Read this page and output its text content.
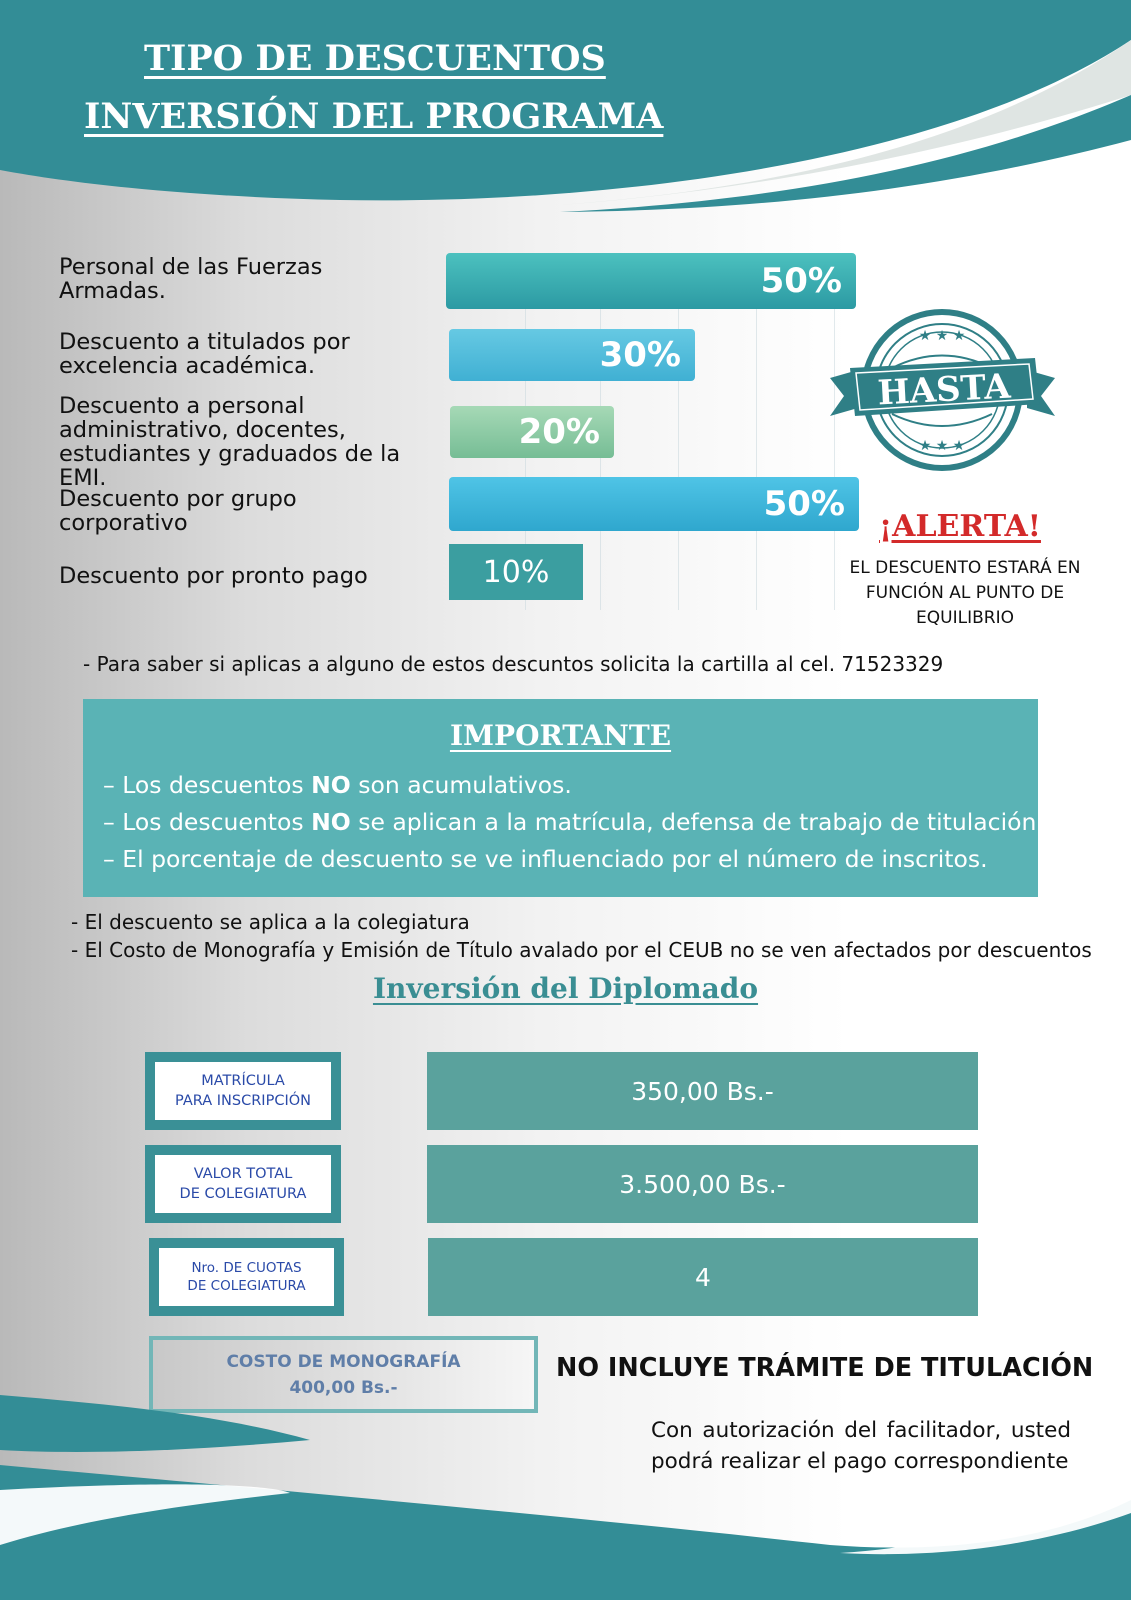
TIPO DE DESCUENTOS
INVERSIÓN DEL PROGRAMA
Personal de las Fuerzas
Armadas.
Descuento a titulados por
excelencia académica.
Descuento a personal
administrativo, docentes,
estudiantes y graduados de la EMI.
Descuento por grupo
corporativo
Descuento por pronto pago
50%
30%
20%
50%
10%
★ ★ ★
★ ★ ★
HASTA
¡ALERTA!
EL DESCUENTO ESTARÁ EN
FUNCIÓN AL PUNTO DE
EQUILIBRIO
- Para saber si aplicas a alguno de estos descuntos solicita la cartilla al cel. 71523329
IMPORTANTE
– Los descuentos NO son acumulativos.
– Los descuentos NO se aplican a la matrícula, defensa de trabajo de titulación.
– El porcentaje de descuento se ve influenciado por el número de inscritos.
- El descuento se aplica a la colegiatura
- El Costo de Monografía y Emisión de Título avalado por el CEUB no se ven afectados por descuentos
Inversión del Diplomado
MATRÍCULA
PARA INSCRIPCIÓN	350,00 Bs.-
VALOR TOTAL
DE COLEGIATURA	3.500,00 Bs.-
Nro. DE CUOTAS
DE COLEGIATURA	4
COSTO DE MONOGRAFÍA
400,00 Bs.-
NO INCLUYE TRÁMITE DE TITULACIÓN
Con autorización del facilitador, usted
podrá realizar el pago correspondiente
